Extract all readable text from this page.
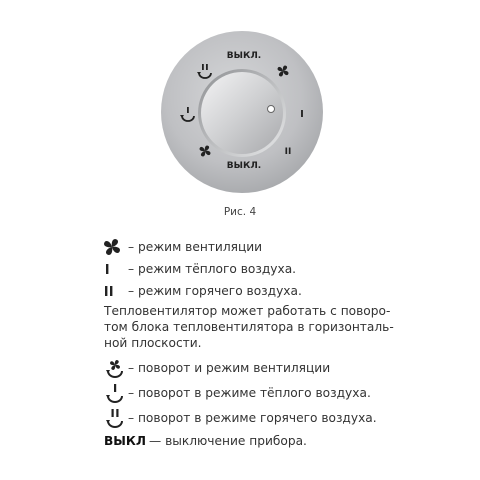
ВЫКЛ.
ВЫКЛ.
I
II
Рис. 4
– режим вентиляции
– режим тёплого воздуха.
– режим горячего воздуха.
Тепловентилятор может работать с поворо-
том блока тепловентилятора в горизонталь-
ной плоскости.
– поворот и режим вентиляции
– поворот в режиме тёплого воздуха.
– поворот в режиме горячего воздуха.
ВЫКЛ — выключение прибора.
